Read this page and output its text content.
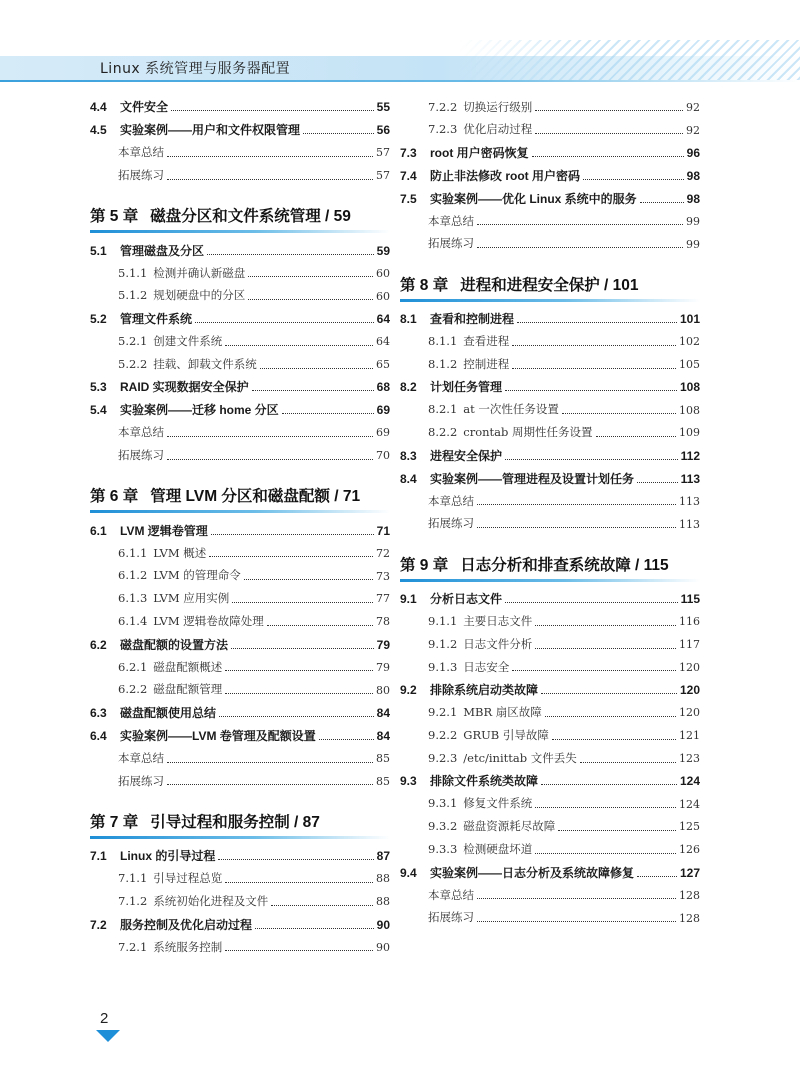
Linux 系统管理与服务器配置
4.4	文件安全	55
4.5	实验案例——用户和文件权限管理	56
本章总结	57
拓展练习	57
第 5 章 磁盘分区和文件系统管理 / 59
5.1	管理磁盘及分区	59
5.1.1 检测并确认新磁盘	60
5.1.2 规划硬盘中的分区	60
5.2	管理文件系统	64
5.2.1 创建文件系统	64
5.2.2 挂载、卸载文件系统	65
5.3	RAID 实现数据安全保护	68
5.4	实验案例——迁移 home 分区	69
本章总结	69
拓展练习	70
第 6 章 管理 LVM 分区和磁盘配额 / 71
6.1	LVM 逻辑卷管理	71
6.1.1 LVM 概述	72
6.1.2 LVM 的管理命令	73
6.1.3 LVM 应用实例	77
6.1.4 LVM 逻辑卷故障处理	78
6.2	磁盘配额的设置方法	79
6.2.1 磁盘配额概述	79
6.2.2 磁盘配额管理	80
6.3	磁盘配额使用总结	84
6.4	实验案例——LVM 卷管理及配额设置	84
本章总结	85
拓展练习	85
第 7 章 引导过程和服务控制 / 87
7.1	Linux 的引导过程	87
7.1.1 引导过程总览	88
7.1.2 系统初始化进程及文件	88
7.2	服务控制及优化启动过程	90
7.2.1 系统服务控制	90
7.2.2 切换运行级别	92
7.2.3 优化启动过程	92
7.3	root 用户密码恢复	96
7.4	防止非法修改 root 用户密码	98
7.5	实验案例——优化 Linux 系统中的服务	98
本章总结	99
拓展练习	99
第 8 章 进程和进程安全保护 / 101
8.1	查看和控制进程	101
8.1.1 查看进程	102
8.1.2 控制进程	105
8.2	计划任务管理	108
8.2.1 at 一次性任务设置	108
8.2.2 crontab 周期性任务设置	109
8.3	进程安全保护	112
8.4	实验案例——管理进程及设置计划任务	113
本章总结	113
拓展练习	113
第 9 章 日志分析和排查系统故障 / 115
9.1	分析日志文件	115
9.1.1 主要日志文件	116
9.1.2 日志文件分析	117
9.1.3 日志安全	120
9.2	排除系统启动类故障	120
9.2.1 MBR 扇区故障	120
9.2.2 GRUB 引导故障	121
9.2.3 /etc/inittab 文件丢失	123
9.3	排除文件系统类故障	124
9.3.1 修复文件系统	124
9.3.2 磁盘资源耗尽故障	125
9.3.3 检测硬盘坏道	126
9.4	实验案例——日志分析及系统故障修复	127
本章总结	128
拓展练习	128
2
